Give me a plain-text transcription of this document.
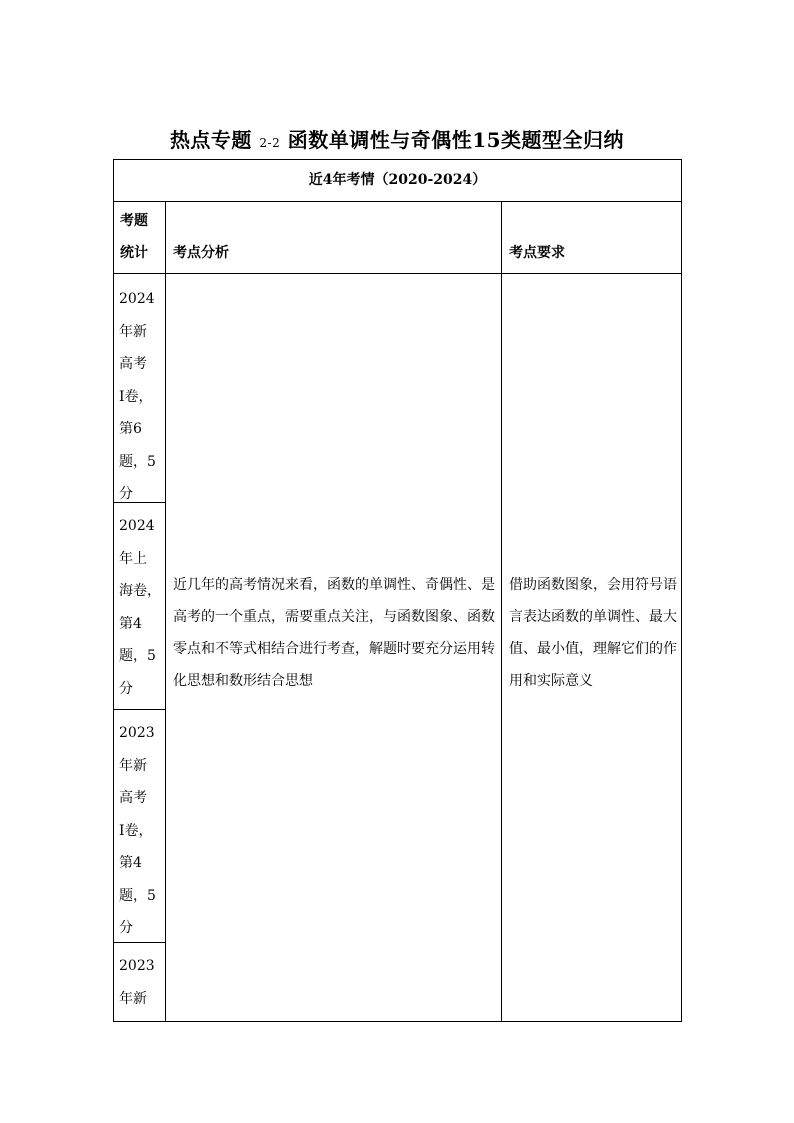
热点专题 2-2 函数单调性与奇偶性15类题型全归纳
近4年考情（2020-2024）
考题
统计 考点分析	考点要求
2024
年新
高考
I卷，
第6
题，5
分
2024
年上
海卷，
第4
题，5
分
2023
年新
高考
I卷，
第4
题，5
分
2023
年新
近几年的高考情况来看，函数的单调性、奇偶性、是
高考的一个重点，需要重点关注，与函数图象、函数
零点和不等式相结合进行考查，解题时要充分运用转
化思想和数形结合思想
借助函数图象，会用符号语
言表达函数的单调性、最大
值、最小值，理解它们的作
用和实际意义
